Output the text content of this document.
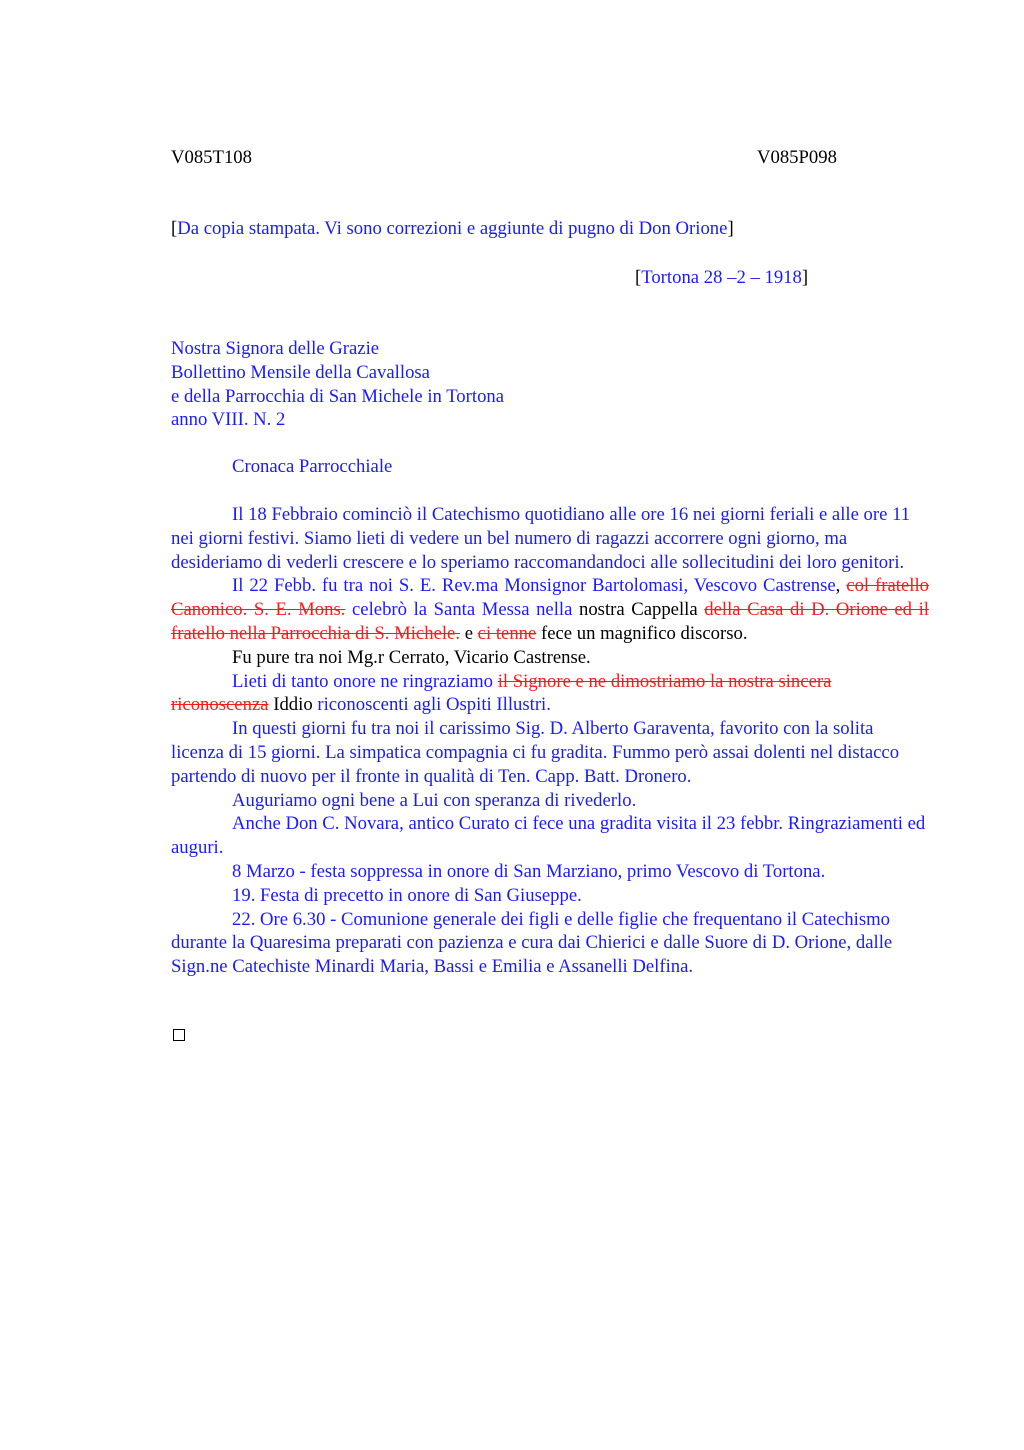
V085T108	V085P098
[Da copia stampata. Vi sono correzioni e aggiunte di pugno di Don Orione]
[Tortona 28 –2 – 1918]

Nostra Signora delle Grazie

Bollettino Mensile della Cavallosa

e della Parrocchia di San Michele in Tortona

anno VIII. N. 2

Cronaca Parrocchiale

Il 18 Febbraio cominciò il Catechismo quotidiano alle ore 16 nei giorni feriali e alle ore 11 nei giorni festivi. Siamo lieti di vedere un bel numero di ragazzi accorrere ogni giorno, ma desideriamo di vederli crescere e lo speriamo raccomandandoci alle sollecitudini dei loro genitori.

Il 22 Febb. fu tra noi S. E. Rev.ma Monsignor Bartolomasi, Vescovo Castrense, col fratello Canonico. S. E. Mons. celebrò la Santa Messa nella nostra Cappella della Casa di D. Orione ed il fratello nella Parrocchia di S. Michele. e ci tenne fece un magnifico discorso.

Fu pure tra noi Mg.r Cerrato, Vicario Castrense.

Lieti di tanto onore ne ringraziamo il Signore e ne dimostriamo la nostra sincera riconoscenza Iddio riconoscenti agli Ospiti Illustri.

In questi giorni fu tra noi il carissimo Sig. D. Alberto Garaventa, favorito con la solita licenza di 15 giorni. La simpatica compagnia ci fu gradita. Fummo però assai dolenti nel distacco partendo di nuovo per il fronte in qualità di Ten. Capp. Batt. Dronero.

Auguriamo ogni bene a Lui con speranza di rivederlo.

Anche Don C. Novara, antico Curato ci fece una gradita visita il 23 febbr. Ringraziamenti ed auguri.

8 Marzo - festa soppressa in onore di San Marziano, primo Vescovo di Tortona.

19. Festa di precetto in onore di San Giuseppe.

22. Ore 6.30 - Comunione generale dei figli e delle figlie che frequentano il Catechismo durante la Quaresima preparati con pazienza e cura dai Chierici e dalle Suore di D. Orione, dalle Sign.ne Catechiste Minardi Maria, Bassi e Emilia e Assanelli Delfina.
